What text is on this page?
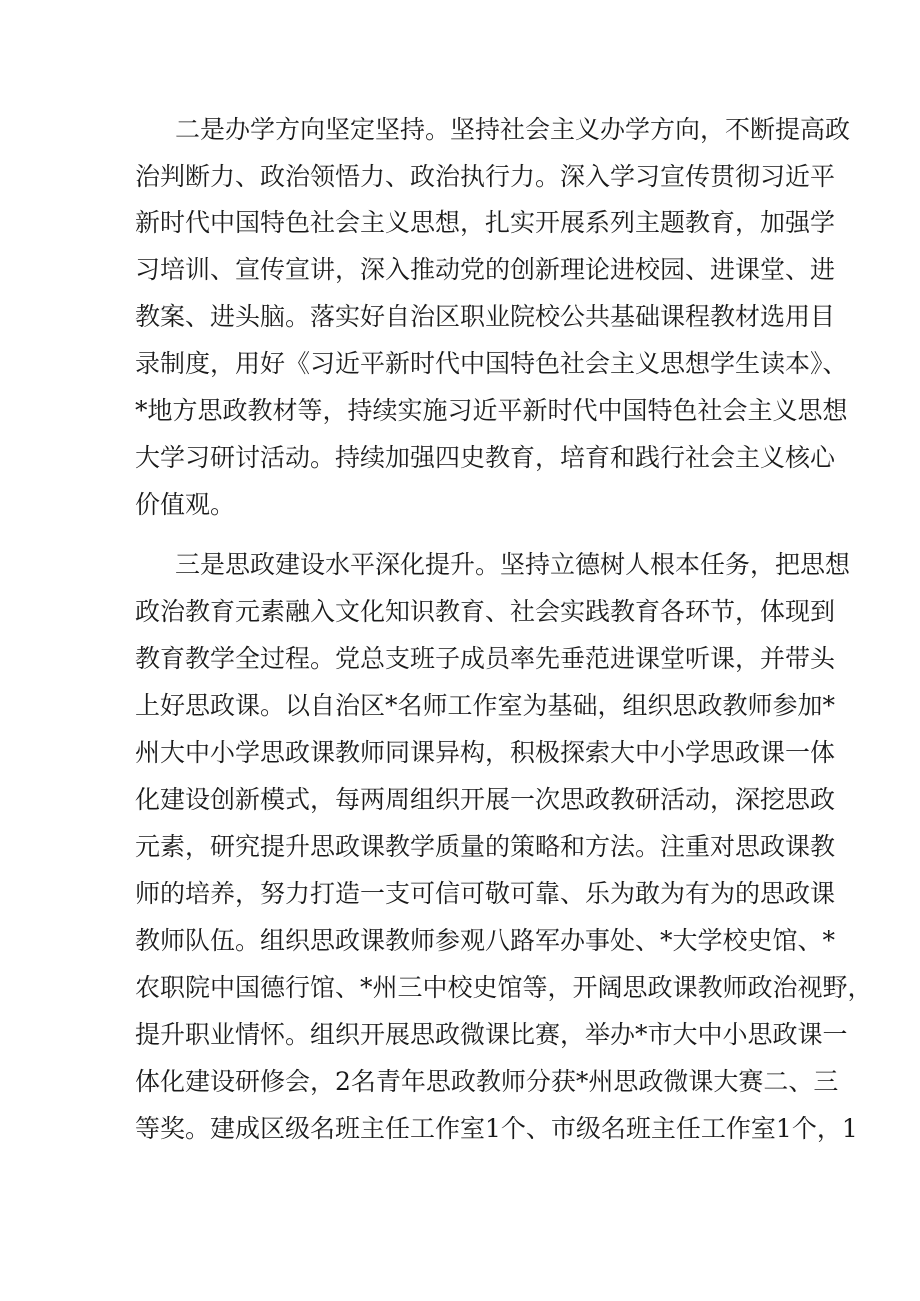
二是办学方向坚定坚持。坚持社会主义办学方向，不断提高政
治判断力、政治领悟力、政治执行力。深入学习宣传贯彻习近平
新时代中国特色社会主义思想，扎实开展系列主题教育，加强学
习培训、宣传宣讲，深入推动党的创新理论进校园、进课堂、进
教案、进头脑。落实好自治区职业院校公共基础课程教材选用目
录制度，用好《习近平新时代中国特色社会主义思想学生读本》、
*地方思政教材等，持续实施习近平新时代中国特色社会主义思想
大学习研讨活动。持续加强四史教育，培育和践行社会主义核心
价值观。
三是思政建设水平深化提升。坚持立德树人根本任务，把思想
政治教育元素融入文化知识教育、社会实践教育各环节，体现到
教育教学全过程。党总支班子成员率先垂范进课堂听课，并带头
上好思政课。以自治区*名师工作室为基础，组织思政教师参加*
州大中小学思政课教师同课异构，积极探索大中小学思政课一体
化建设创新模式，每两周组织开展一次思政教研活动，深挖思政
元素，研究提升思政课教学质量的策略和方法。注重对思政课教
师的培养，努力打造一支可信可敬可靠、乐为敢为有为的思政课
教师队伍。组织思政课教师参观八路军办事处、*大学校史馆、*
农职院中国德行馆、*州三中校史馆等，开阔思政课教师政治视野，
提升职业情怀。组织开展思政微课比赛，举办*市大中小思政课一
体化建设研修会，2名青年思政教师分获*州思政微课大赛二、三
等奖。建成区级名班主任工作室1个、市级名班主任工作室1个，1
